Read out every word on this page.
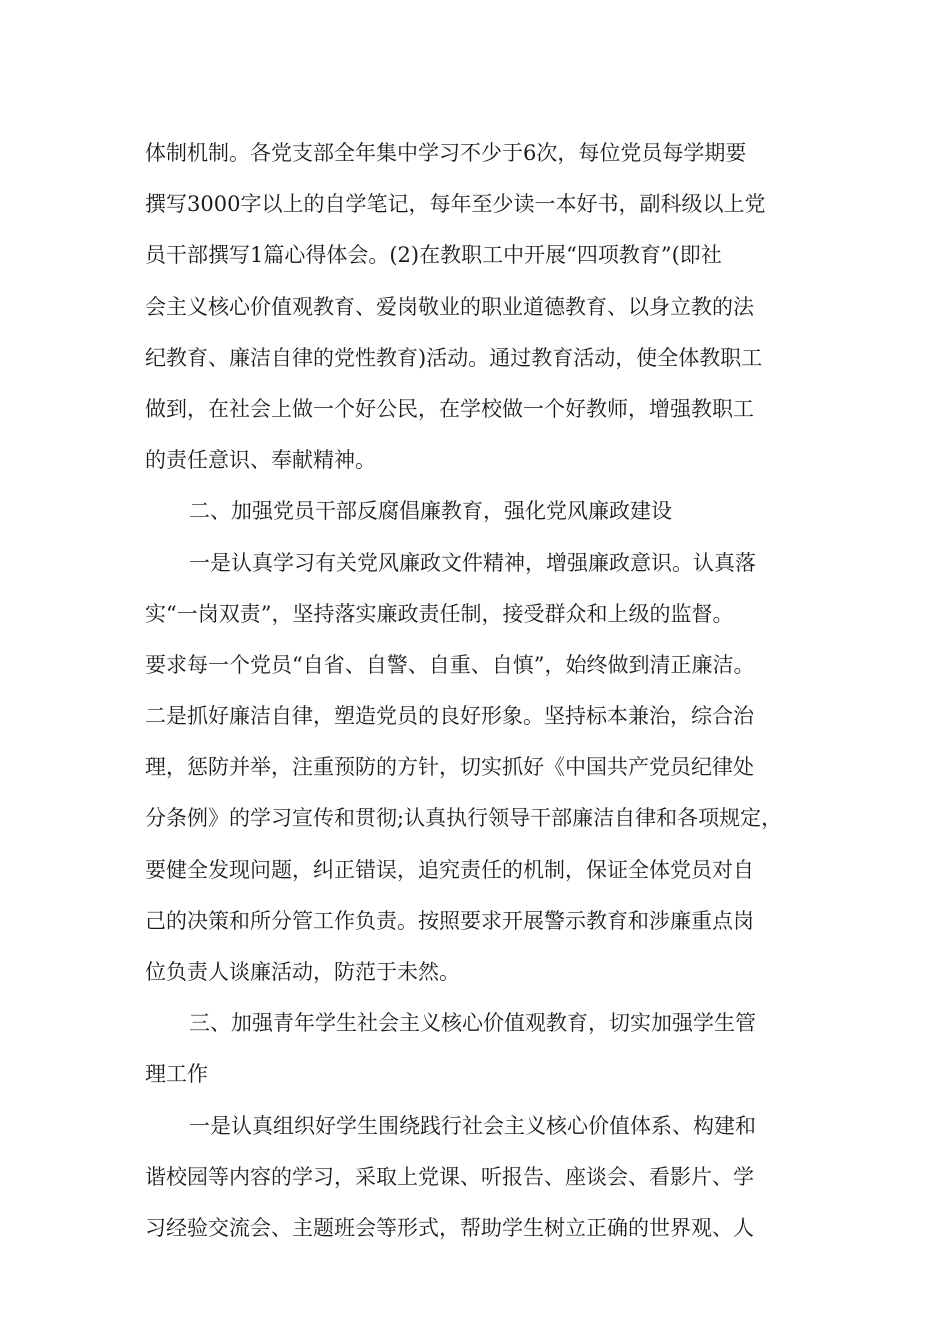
体制机制。各党支部全年集中学习不少于6次，每位党员每学期要
撰写3000字以上的自学笔记，每年至少读一本好书，副科级以上党
员干部撰写1篇心得体会。(2)在教职工中开展“四项教育”(即社
会主义核心价值观教育、爱岗敬业的职业道德教育、以身立教的法
纪教育、廉洁自律的党性教育)活动。通过教育活动，使全体教职工
做到，在社会上做一个好公民，在学校做一个好教师，增强教职工
的责任意识、奉献精神。
二、加强党员干部反腐倡廉教育，强化党风廉政建设
一是认真学习有关党风廉政文件精神，增强廉政意识。认真落
实“一岗双责”，坚持落实廉政责任制，接受群众和上级的监督。
要求每一个党员“自省、自警、自重、自慎”，始终做到清正廉洁。
二是抓好廉洁自律，塑造党员的良好形象。坚持标本兼治，综合治
理，惩防并举，注重预防的方针，切实抓好《中国共产党员纪律处
分条例》的学习宣传和贯彻;认真执行领导干部廉洁自律和各项规定，
要健全发现问题，纠正错误，追究责任的机制，保证全体党员对自
己的决策和所分管工作负责。按照要求开展警示教育和涉廉重点岗
位负责人谈廉活动，防范于未然。
三、加强青年学生社会主义核心价值观教育，切实加强学生管
理工作
一是认真组织好学生围绕践行社会主义核心价值体系、构建和
谐校园等内容的学习，采取上党课、听报告、座谈会、看影片、学
习经验交流会、主题班会等形式，帮助学生树立正确的世界观、人
